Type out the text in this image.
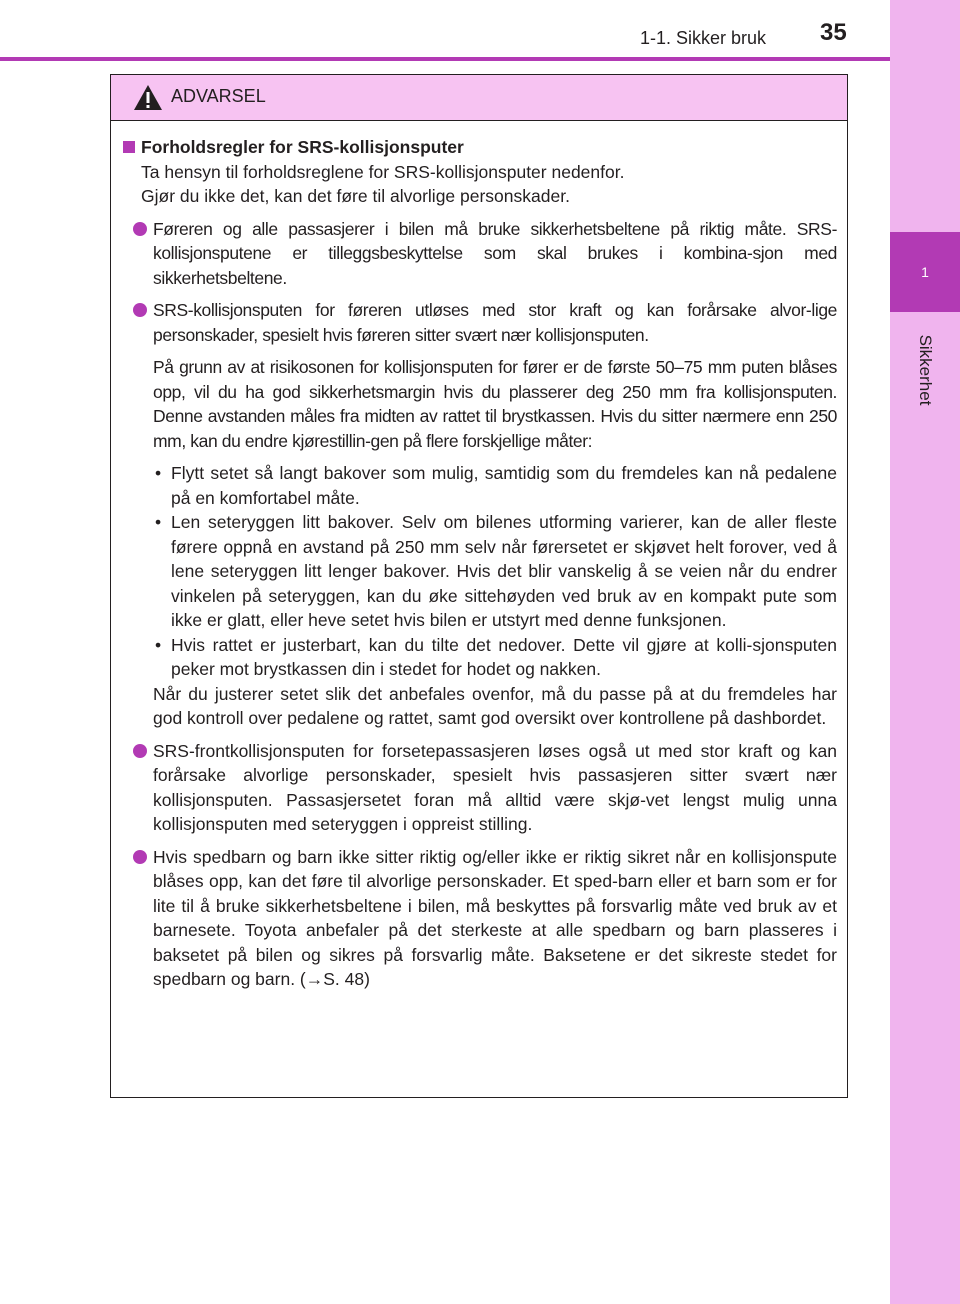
1
Sikkerhet
1-1. Sikker bruk 35
ADVARSEL
Forholdsregler for SRS-kollisjonsputer
Ta hensyn til forholdsreglene for SRS-kollisjonsputer nedenfor.
Gjør du ikke det, kan det føre til alvorlige personskader.
Føreren og alle passasjerer i bilen må bruke sikkerhetsbeltene på riktig måte. SRS-kollisjonsputene er tilleggsbeskyttelse som skal brukes i kombina-sjon med sikkerhetsbeltene.
SRS-kollisjonsputen for føreren utløses med stor kraft og kan forårsake alvor-lige personskader, spesielt hvis føreren sitter svært nær kollisjonsputen.
På grunn av at risikosonen for kollisjonsputen for fører er de første 50–75 mm puten blåses opp, vil du ha god sikkerhetsmargin hvis du plasserer deg 250 mm fra kollisjonsputen. Denne avstanden måles fra midten av rattet til brystkassen. Hvis du sitter nærmere enn 250 mm, kan du endre kjørestillin-gen på flere forskjellige måter:
• Flytt setet så langt bakover som mulig, samtidig som du fremdeles kan nå pedalene på en komfortabel måte.
• Len seteryggen litt bakover. Selv om bilenes utforming varierer, kan de aller fleste førere oppnå en avstand på 250 mm selv når førersetet er skjøvet helt forover, ved å lene seteryggen litt lenger bakover. Hvis det blir vanskelig å se veien når du endrer vinkelen på seteryggen, kan du øke sittehøyden ved bruk av en kompakt pute som ikke er glatt, eller heve setet hvis bilen er utstyrt med denne funksjonen.
• Hvis rattet er justerbart, kan du tilte det nedover. Dette vil gjøre at kolli-sjonsputen peker mot brystkassen din i stedet for hodet og nakken.
Når du justerer setet slik det anbefales ovenfor, må du passe på at du fremdeles har god kontroll over pedalene og rattet, samt god oversikt over kontrollene på dashbordet.
SRS-frontkollisjonsputen for forsetepassasjeren løses også ut med stor kraft og kan forårsake alvorlige personskader, spesielt hvis passasjeren sitter svært nær kollisjonsputen. Passasjersetet foran må alltid være skjø-vet lengst mulig unna kollisjonsputen med seteryggen i oppreist stilling.
Hvis spedbarn og barn ikke sitter riktig og/eller ikke er riktig sikret når en kollisjonspute blåses opp, kan det føre til alvorlige personskader. Et sped-barn eller et barn som er for lite til å bruke sikkerhetsbeltene i bilen, må beskyttes på forsvarlig måte ved bruk av et barnesete. Toyota anbefaler på det sterkeste at alle spedbarn og barn plasseres i baksetet på bilen og sikres på forsvarlig måte. Baksetene er det sikreste stedet for spedbarn og barn. (→S. 48)
